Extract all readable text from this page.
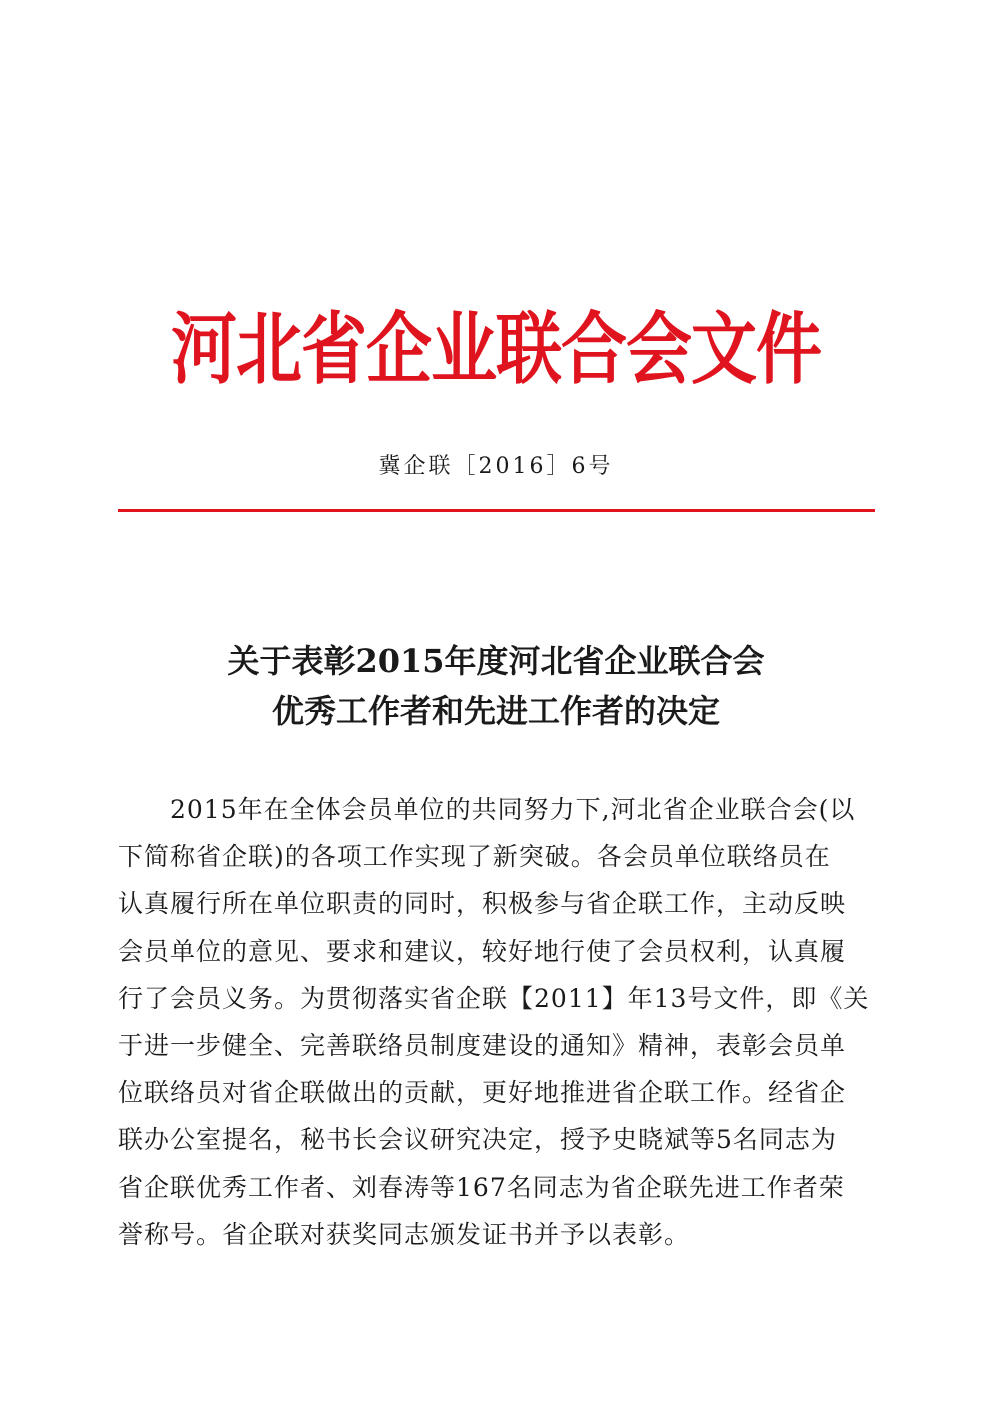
河北省企业联合会文件
冀企联［2016］6号
关于表彰2015年度河北省企业联合会
优秀工作者和先进工作者的决定
2015年在全体会员单位的共同努力下,河北省企业联合会(以
下简称省企联)的各项工作实现了新突破。各会员单位联络员在
认真履行所在单位职责的同时，积极参与省企联工作，主动反映
会员单位的意见、要求和建议，较好地行使了会员权利，认真履
行了会员义务。为贯彻落实省企联【2011】年13号文件，即《关
于进一步健全、完善联络员制度建设的通知》精神，表彰会员单
位联络员对省企联做出的贡献，更好地推进省企联工作。经省企
联办公室提名，秘书长会议研究决定，授予史晓斌等5名同志为
省企联优秀工作者、刘春涛等167名同志为省企联先进工作者荣
誉称号。省企联对获奖同志颁发证书并予以表彰。
